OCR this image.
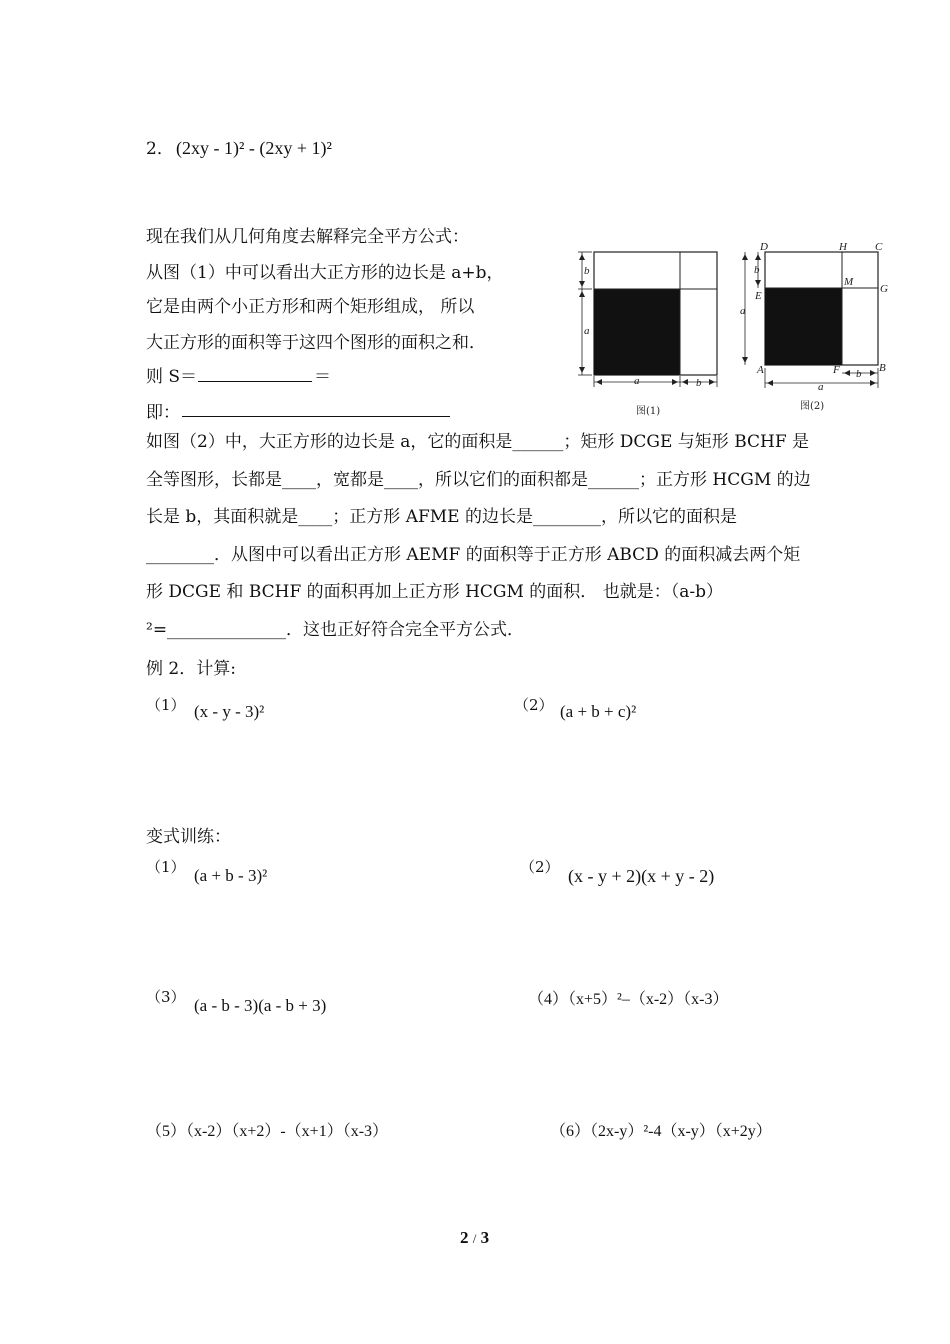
2． (2xy - 1)² - (2xy + 1)²
现在我们从几何角度去解释完全平方公式：
从图（1）中可以看出大正方形的边长是 a+b，
它是由两个小正方形和两个矩形组成， 所以
大正方形的面积等于这四个图形的面积之和．
则 S＝	＝
即：
b
a
a	b
图(1)
D	H	C
M
G
E
A	F	B
b
a
a
b
图(2)
如图（2）中，大正方形的边长是 a，它的面积是______；矩形 DCGE 与矩形 BCHF 是全等图形，长都是____，宽都是____，所以它们的面积都是______；正方形 HCGM 的边长是 b，其面积就是____；正方形 AFME 的边长是________，所以它的面积是________．从图中可以看出正方形 AEMF 的面积等于正方形 ABCD 的面积减去两个矩形 DCGE 和 BCHF 的面积再加上正方形 HCGM 的面积． 也就是：（a-b）²=______________．这也正好符合完全平方公式．
例 2．计算:
（1） (x - y - 3)²	（2） (a + b + c)²
变式训练：
（1） (a + b - 3)²	（2） (x - y + 2)(x + y - 2)
（3） (a - b - 3)(a - b + 3)	（4）（x+5）²–（x-2）（x-3）
（5）（x-2）（x+2）-（x+1）（x-3）	（6）（2x-y）²-4（x-y）（x+2y）
2 / 3
